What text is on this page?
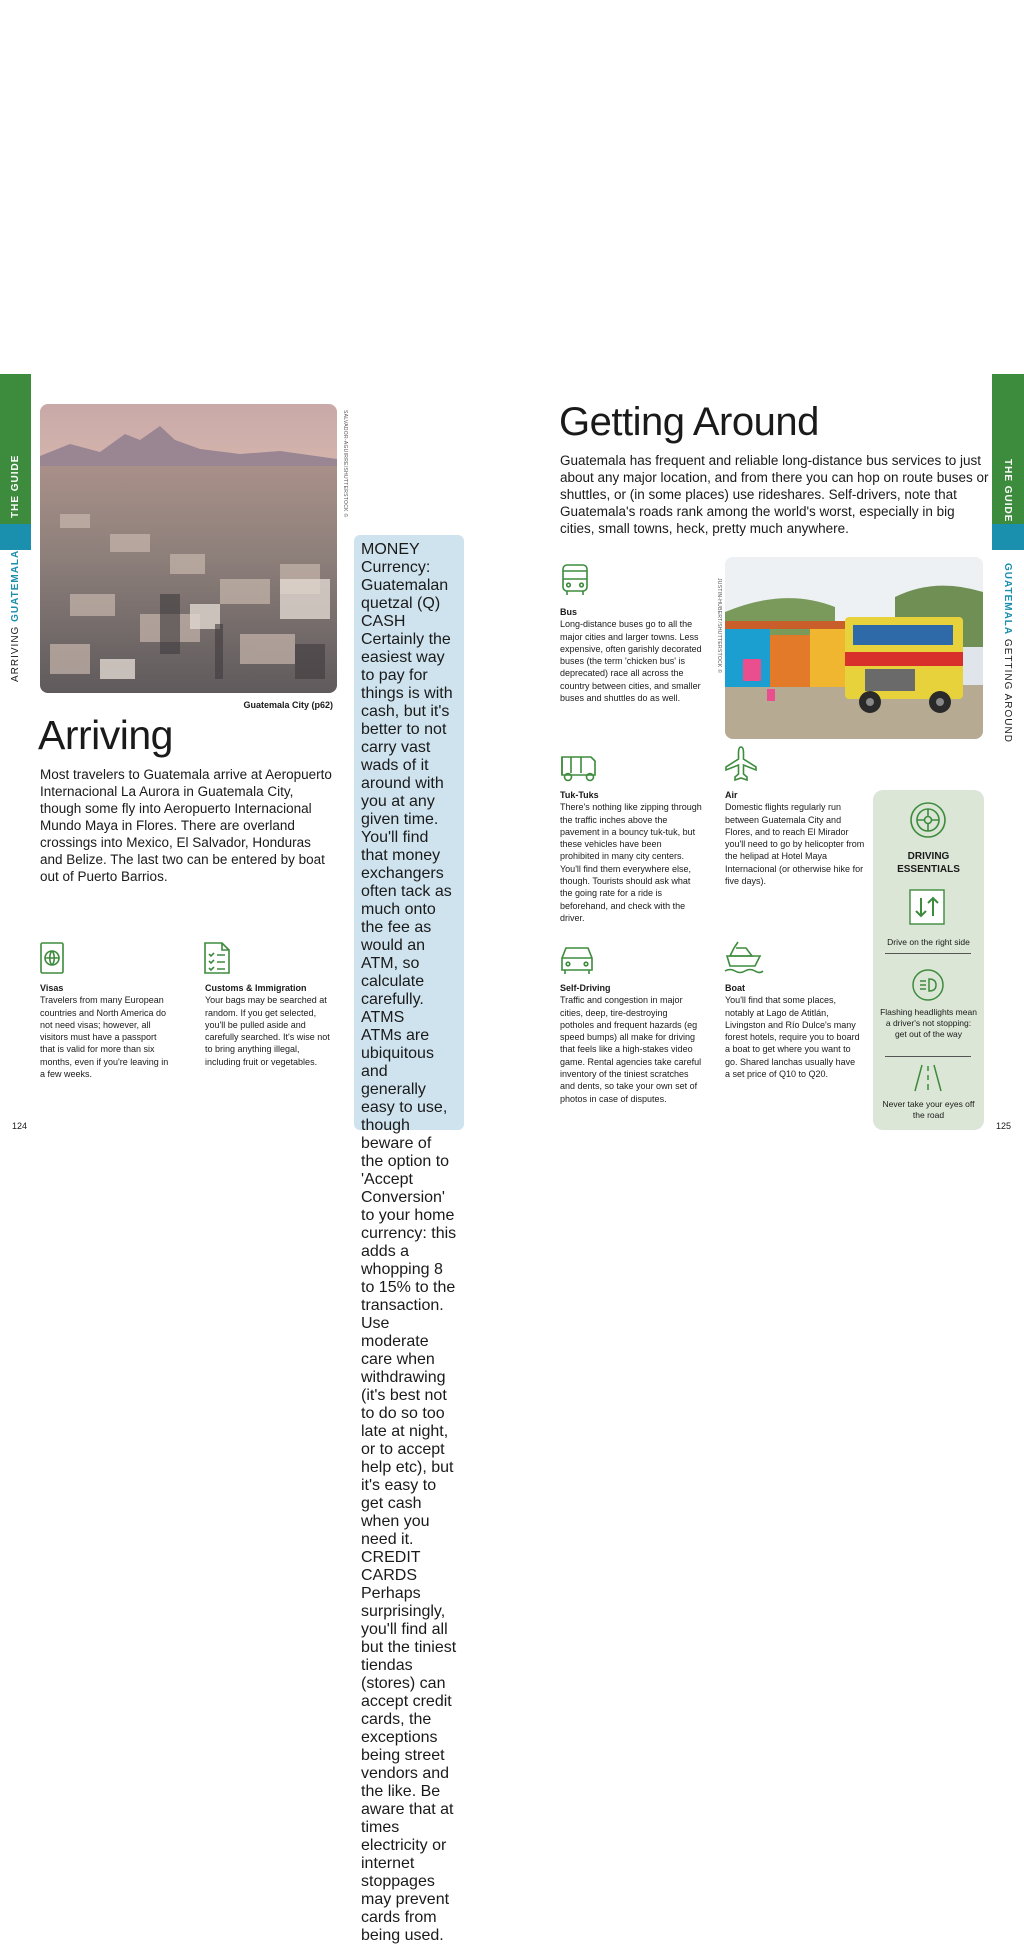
THE GUIDE
ARRIVING GUATEMALA
THE GUIDE
GUATEMALA GETTING AROUND
SALVADOR-AGUIRRE/SHUTTERSTOCK ©
Guatemala City (p62)
Arriving
Most travelers to Guatemala arrive at Aeropuerto Internacional La Aurora in Guatemala City, though some fly into Aeropuerto Internacional Mundo Maya in Flores. There are overland crossings into Mexico, El Salvador, Honduras and Belize. The last two can be entered by boat out of Puerto Barrios.
Visas
Travelers from many European countries and North America do not need visas; however, all visitors must have a passport that is valid for more than six months, even if you're leaving in a few weeks.
Customs & Immigration
Your bags may be searched at random. If you get selected, you'll be pulled aside and carefully searched. It's wise not to bring anything illegal, including fruit or vegetables.
124
MONEY
Currency: Guatemalan quetzal (Q)
CASH
Certainly the easiest way to pay for things is with cash, but it's better to not carry vast wads of it around with you at any given time. You'll find that money exchangers often tack as much onto the fee as would an ATM, so calculate carefully.
ATMS
ATMs are ubiquitous and generally easy to use, though beware of the option to 'Accept Conversion' to your home currency: this adds a whopping 8 to 15% to the transaction. Use moderate care when withdrawing (it's best not to do so too late at night, or to accept help etc), but it's easy to get cash when you need it.
CREDIT CARDS
Perhaps surprisingly, you'll find all but the tiniest tiendas (stores) can accept credit cards, the exceptions being street vendors and the like. Be aware that at times electricity or internet stoppages may prevent cards from being used.
Getting Around
Guatemala has frequent and reliable long-distance bus services to just about any major location, and from there you can hop on route buses or shuttles, or (in some places) use rideshares. Self-drivers, note that Guatemala's roads rank among the world's worst, especially in big cities, small towns, heck, pretty much anywhere.
Bus
Long-distance buses go to all the major cities and larger towns. Less expensive, often garishly decorated buses (the term 'chicken bus' is deprecated) race all across the country between cities, and smaller buses and shuttles do as well.
JUSTIN-HUBERT/SHUTTERSTOCK ©
Tuk-Tuks
There's nothing like zipping through the traffic inches above the pavement in a bouncy tuk-tuk, but these vehicles have been prohibited in many city centers. You'll find them everywhere else, though. Tourists should ask what the going rate for a ride is beforehand, and check with the driver.
Air
Domestic flights regularly run between Guatemala City and Flores, and to reach El Mirador you'll need to go by helicopter from the helipad at Hotel Maya Internacional (or otherwise hike for five days).
Self-Driving
Traffic and congestion in major cities, deep, tire-destroying potholes and frequent hazards (eg speed bumps) all make for driving that feels like a high-stakes video game. Rental agencies take careful inventory of the tiniest scratches and dents, so take your own set of photos in case of disputes.
Boat
You'll find that some places, notably at Lago de Atitlán, Livingston and Río Dulce's many forest hotels, require you to board a boat to get where you want to go. Shared lanchas usually have a set price of Q10 to Q20.
125
DRIVING
ESSENTIALS
Drive on the right side
Flashing headlights mean a driver's not stopping: get out of the way
Never take your eyes off the road
